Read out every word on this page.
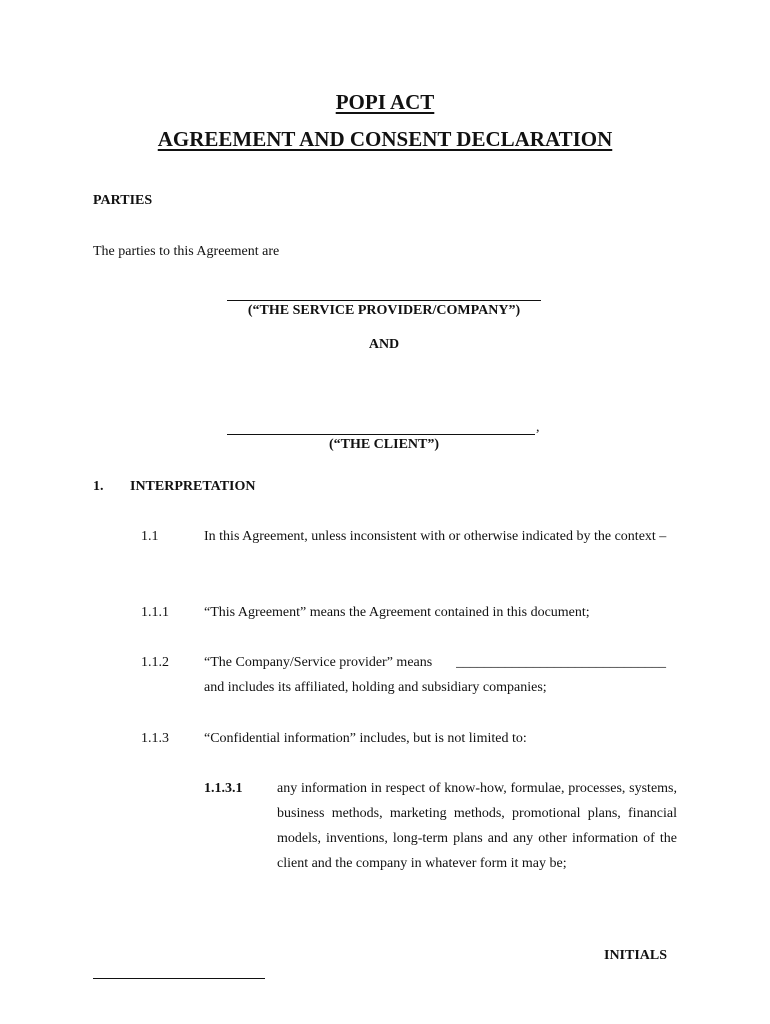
POPI ACT
AGREEMENT AND CONSENT DECLARATION
PARTIES
The parties to this Agreement are
(“THE SERVICE PROVIDER/COMPANY”)
AND
,
(“THE CLIENT”)
1. INTERPRETATION
1.1	In this Agreement, unless inconsistent with or otherwise indicated by the context –
1.1.1	“This Agreement” means the Agreement contained in this document;
1.1.2	“The Company/Service provider” means ______________________________
and includes its affiliated, holding and subsidiary companies;
1.1.3	“Confidential information” includes, but is not limited to:
1.1.3.1 any information in respect of know-how, formulae, processes, systems, business methods, marketing methods, promotional plans, financial models, inventions, long-term plans and any other information of the client and the company in whatever form it may be;
INITIALS
